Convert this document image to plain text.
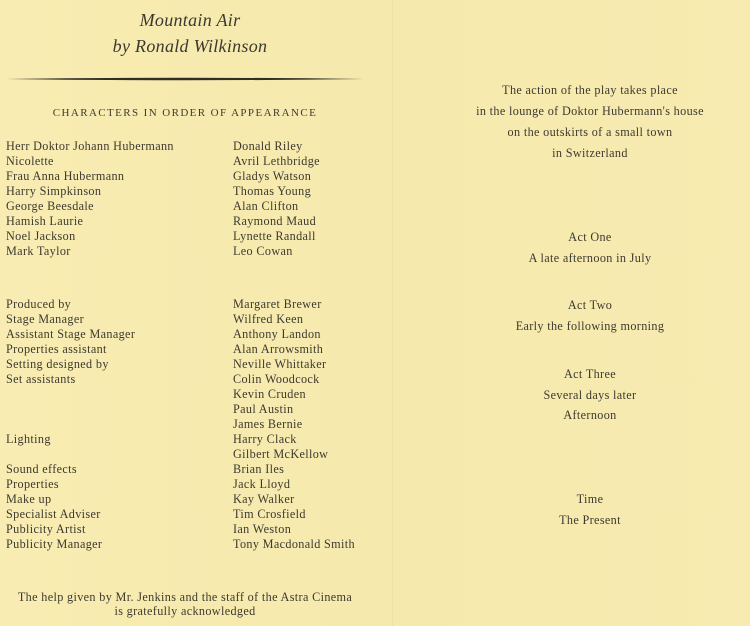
Mountain Air
by Ronald Wilkinson
CHARACTERS IN ORDER OF APPEARANCE
Herr Doktor Johann Hubermann
Nicolette
Frau Anna Hubermann
Harry Simpkinson
George Beesdale
Hamish Laurie
Noel Jackson
Mark Taylor
Donald Riley
Avril Lethbridge
Gladys Watson
Thomas Young
Alan Clifton
Raymond Maud
Lynette Randall
Leo Cowan
Produced by
Stage Manager
Assistant Stage Manager
Properties assistant
Setting designed by
Set assistants
Lighting
Sound effects
Properties
Make up
Specialist Adviser
Publicity Artist
Publicity Manager
Margaret Brewer
Wilfred Keen
Anthony Landon
Alan Arrowsmith
Neville Whittaker
Colin Woodcock
Kevin Cruden
Paul Austin
James Bernie
Harry Clack
Gilbert McKellow
Brian Iles
Jack Lloyd
Kay Walker
Tim Crosfield
Ian Weston
Tony Macdonald Smith
The help given by Mr. Jenkins and the staff of the Astra Cinema
is gratefully acknowledged
The action of the play takes place
in the lounge of Doktor Hubermann's house
on the outskirts of a small town
in Switzerland
Act One
A late afternoon in July
Act Two
Early the following morning
Act Three
Several days later
Afternoon
Time
The Present
